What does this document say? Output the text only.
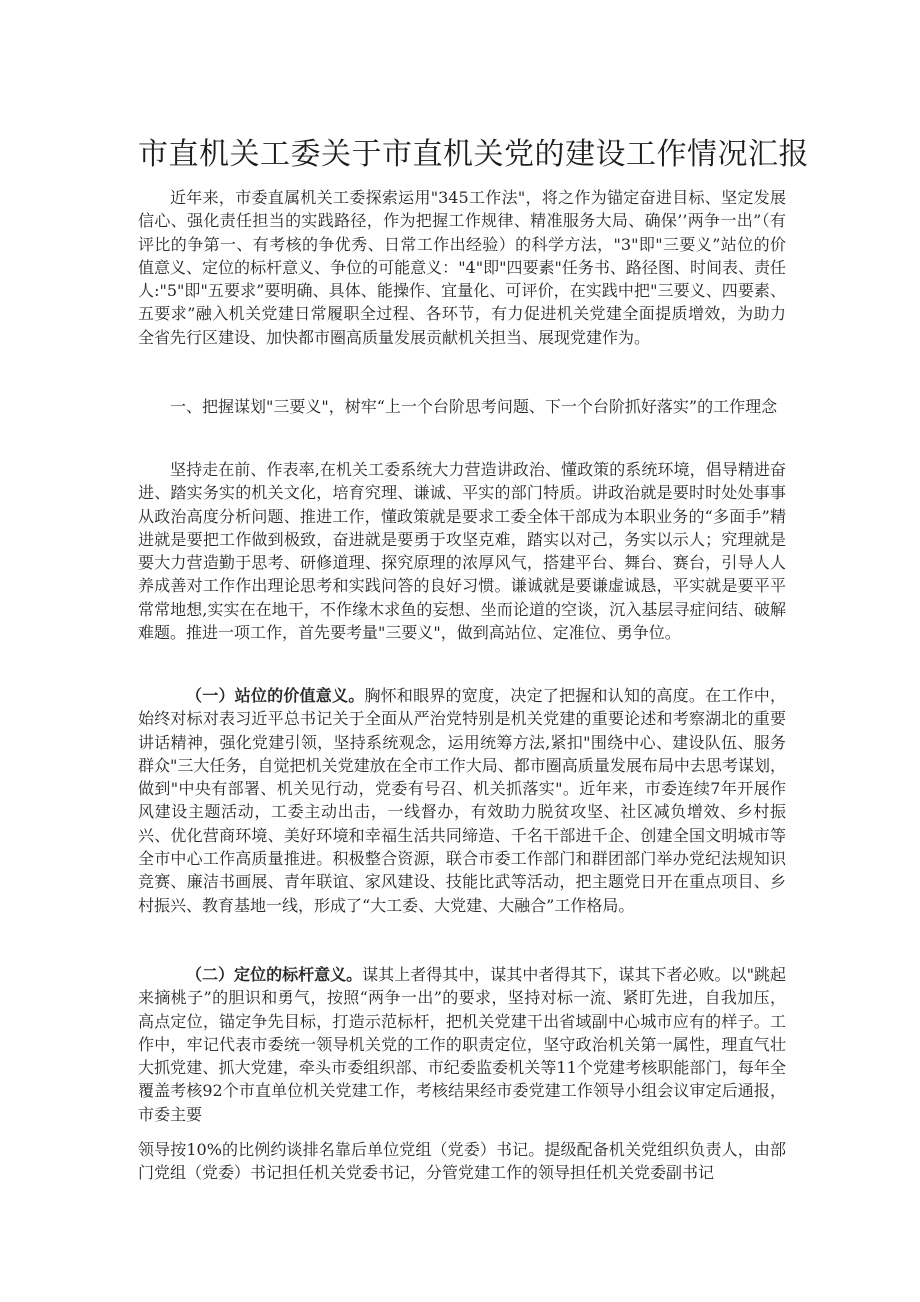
市直机关工委关于市直机关党的建设工作情况汇报

近年来，市委直属机关工委探索运用"345工作法"，将之作为锚定奋进目标、坚定发展信心、强化责任担当的实践路径，作为把握工作规律、精准服务大局、确保’’两争一出”（有评比的争第一、有考核的争优秀、日常工作出经验）的科学方法，"3"即"三要义”站位的价值意义、定位的标杆意义、争位的可能意义："4"即"四要素"任务书、路径图、时间表、责任人:"5"即"五要求”要明确、具体、能操作、宜量化、可评价，在实践中把"三要义、四要素、五要求”融入机关党建日常履职全过程、各环节，有力促进机关党建全面提质增效，为助力全省先行区建设、加快都市圈高质量发展贡献机关担当、展现党建作为。

一、把握谋划"三要义"，树牢“上一个台阶思考问题、下一个台阶抓好落实”的工作理念

坚持走在前、作表率,在机关工委系统大力营造讲政治、懂政策的系统环境，倡导精进奋进、踏实务实的机关文化，培育究理、谦诚、平实的部门特质。讲政治就是要时时处处事事从政治高度分析问题、推进工作，懂政策就是要求工委全体干部成为本职业务的“多面手”精进就是要把工作做到极致，奋进就是要勇于攻坚克难，踏实以对己，务实以示人；究理就是要大力营造勤于思考、研修道理、探究原理的浓厚风气，搭建平台、舞台、赛台，引导人人养成善对工作作出理论思考和实践问答的良好习惯。谦诚就是要谦虚诚恳，平实就是要平平常常地想,实实在在地干，不作缘木求鱼的妄想、坐而论道的空谈，沉入基层寻症问结、破解难题。推进一项工作，首先要考量"三要义"，做到高站位、定准位、勇争位。

（一）站位的价值意义。胸怀和眼界的宽度，决定了把握和认知的高度。在工作中，始终对标对表习近平总书记关于全面从严治党特别是机关党建的重要论述和考察湖北的重要讲话精神，强化党建引领，坚持系统观念，运用统筹方法,紧扣"围绕中心、建设队伍、服务群众"三大任务，自觉把机关党建放在全市工作大局、都市圈高质量发展布局中去思考谋划，做到"中央有部署、机关见行动，党委有号召、机关抓落实"。近年来，市委连续7年开展作风建设主题活动，工委主动出击，一线督办，有效助力脱贫攻坚、社区减负增效、乡村振兴、优化营商环境、美好环境和幸福生活共同缔造、千名干部进千企、创建全国文明城市等全市中心工作高质量推进。积极整合资源，联合市委工作部门和群团部门举办党纪法规知识竞赛、廉洁书画展、青年联谊、家风建设、技能比武等活动，把主题党日开在重点项目、乡村振兴、教育基地一线，形成了“大工委、大党建、大融合”工作格局。

（二）定位的标杆意义。谋其上者得其中，谋其中者得其下，谋其下者必败。以"跳起来摘桃子”的胆识和勇气，按照“两争一出”的要求，坚持对标一流、紧盯先进，自我加压，高点定位，锚定争先目标，打造示范标杆，把机关党建干出省域副中心城市应有的样子。工作中，牢记代表市委统一领导机关党的工作的职责定位，坚守政治机关第一属性，理直气壮大抓党建、抓大党建，牵头市委组织部、市纪委监委机关等11个党建考核职能部门，每年全覆盖考核92个市直单位机关党建工作，考核结果经市委党建工作领导小组会议审定后通报，市委主要

领导按10%的比例约谈排名靠后单位党组（党委）书记。提级配备机关党组织负责人，由部门党组（党委）书记担任机关党委书记，分管党建工作的领导担任机关党委副书记
